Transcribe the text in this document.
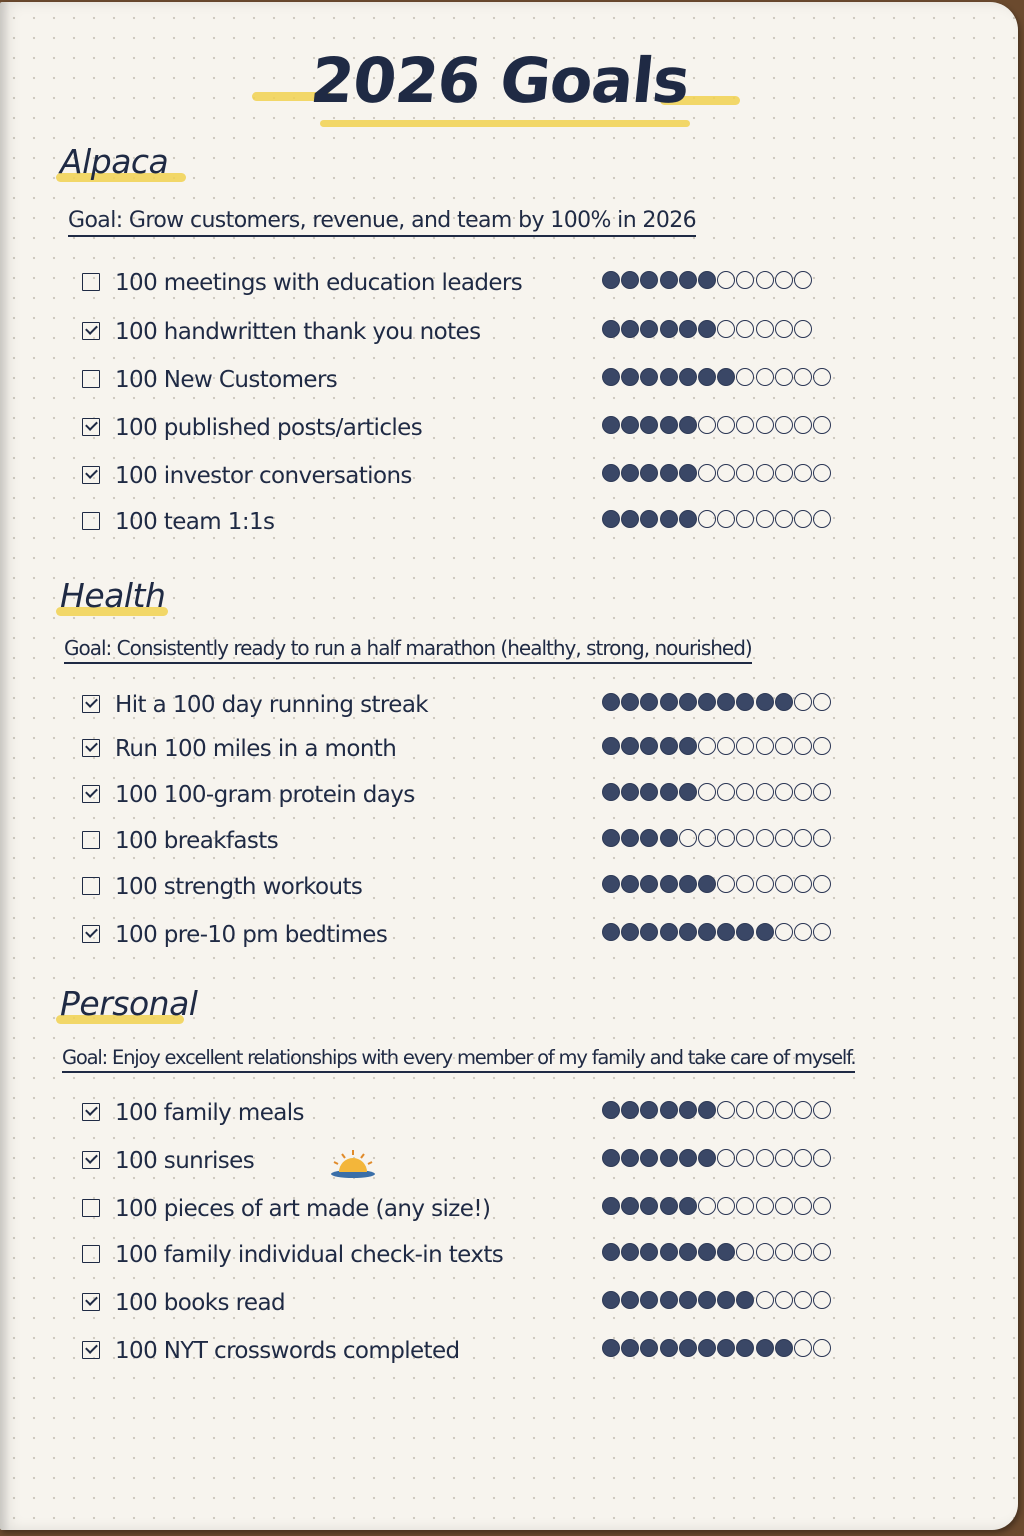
2026 Goals
Alpaca
Goal: Grow customers, revenue, and team by 100% in 2026
100 meetings with education leaders
100 handwritten thank you notes
100 New Customers
100 published posts/articles
100 investor conversations
100 team 1:1s
Health
Goal: Consistently ready to run a half marathon (healthy, strong, nourished)
Hit a 100 day running streak
Run 100 miles in a month
100 100-gram protein days
100 breakfasts
100 strength workouts
100 pre-10 pm bedtimes
Personal
Goal: Enjoy excellent relationships with every member of my family and take care of myself.
100 family meals
100 sunrises
100 pieces of art made (any size!)
100 family individual check-in texts
100 books read
100 NYT crosswords completed
